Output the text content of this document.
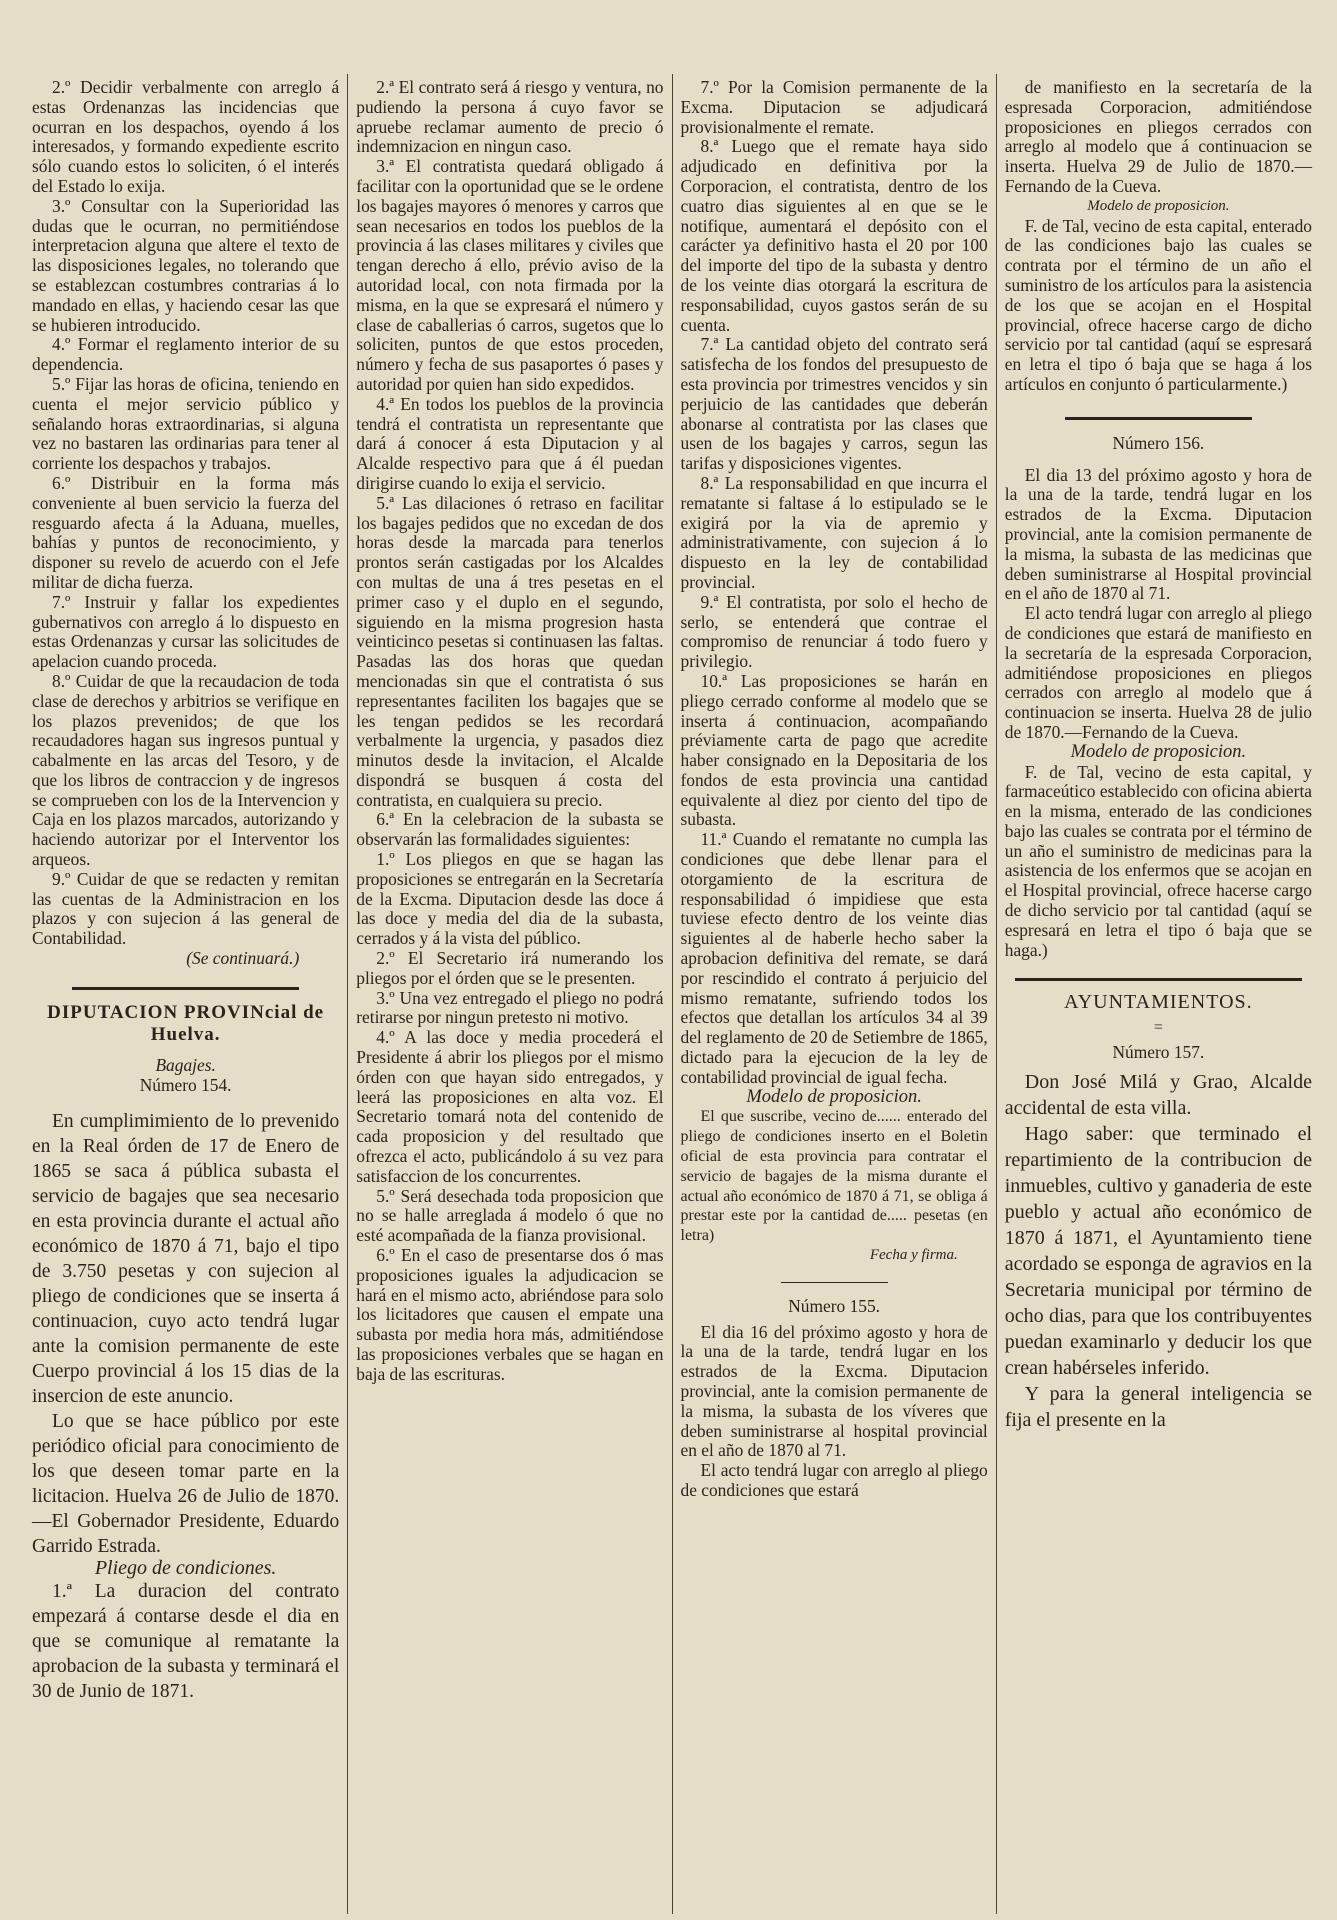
2.º Decidir verbalmente con arreglo á estas Ordenanzas las incidencias que ocurran en los despachos, oyendo á los interesados, y formando expediente escrito sólo cuando estos lo soliciten, ó el interés del Estado lo exija.

3.º Consultar con la Superioridad las dudas que le ocurran, no permitiéndose interpretacion alguna que altere el texto de las disposiciones legales, no tolerando que se establezcan costumbres contrarias á lo mandado en ellas, y haciendo cesar las que se hubieren introducido.

4.º Formar el reglamento interior de su dependencia.

5.º Fijar las horas de oficina, teniendo en cuenta el mejor servicio público y señalando horas extraordinarias, si alguna vez no bastaren las ordinarias para tener al corriente los despachos y trabajos.

6.º Distribuir en la forma más conveniente al buen servicio la fuerza del resguardo afecta á la Aduana, muelles, bahías y puntos de reconocimiento, y disponer su revelo de acuerdo con el Jefe militar de dicha fuerza.

7.º Instruir y fallar los expedientes gubernativos con arreglo á lo dispuesto en estas Ordenanzas y cursar las solicitudes de apelacion cuando proceda.

8.º Cuidar de que la recaudacion de toda clase de derechos y arbitrios se verifique en los plazos prevenidos; de que los recaudadores hagan sus ingresos puntual y cabalmente en las arcas del Tesoro, y de que los libros de contraccion y de ingresos se comprueben con los de la Intervencion y Caja en los plazos marcados, autorizando y haciendo autorizar por el Interventor los arqueos.

9.º Cuidar de que se redacten y remitan las cuentas de la Administracion en los plazos y con sujecion á las general de Contabilidad.

(Se continuará.)

DIPUTACION PROVINcial de Huelva.

Bagajes.

Número 154.

En cumplimimiento de lo prevenido en la Real órden de 17 de Enero de 1865 se saca á pública subasta el servicio de bagajes que sea necesario en esta provincia durante el actual año económico de 1870 á 71, bajo el tipo de 3.750 pesetas y con sujecion al pliego de condiciones que se inserta á continuacion, cuyo acto tendrá lugar ante la comision permanente de este Cuerpo provincial á los 15 dias de la insercion de este anuncio.

Lo que se hace público por este periódico oficial para conocimiento de los que deseen tomar parte en la licitacion. Huelva 26 de Julio de 1870.—El Gobernador Presidente, Eduardo Garrido Estrada.

Pliego de condiciones.

1.ª La duracion del contrato empezará á contarse desde el dia en que se comunique al rematante la aprobacion de la subasta y terminará el 30 de Junio de 1871.

2.ª El contrato será á riesgo y ventura, no pudiendo la persona á cuyo favor se apruebe reclamar aumento de precio ó indemnizacion en ningun caso.

3.ª El contratista quedará obligado á facilitar con la oportunidad que se le ordene los bagajes mayores ó menores y carros que sean necesarios en todos los pueblos de la provincia á las clases militares y civiles que tengan derecho á ello, prévio aviso de la autoridad local, con nota firmada por la misma, en la que se expresará el número y clase de caballerias ó carros, sugetos que lo soliciten, puntos de que estos proceden, número y fecha de sus pasaportes ó pases y autoridad por quien han sido expedidos.

4.ª En todos los pueblos de la provincia tendrá el contratista un representante que dará á conocer á esta Diputacion y al Alcalde respectivo para que á él puedan dirigirse cuando lo exija el servicio.

5.ª Las dilaciones ó retraso en facilitar los bagajes pedidos que no excedan de dos horas desde la marcada para tenerlos prontos serán castigadas por los Alcaldes con multas de una á tres pesetas en el primer caso y el duplo en el segundo, siguiendo en la misma progresion hasta veinticinco pesetas si continuasen las faltas. Pasadas las dos horas que quedan mencionadas sin que el contratista ó sus representantes faciliten los bagajes que se les tengan pedidos se les recordará verbalmente la urgencia, y pasados diez minutos desde la invitacion, el Alcalde dispondrá se busquen á costa del contratista, en cualquiera su precio.

6.ª En la celebracion de la subasta se observarán las formalidades siguientes:

1.º Los pliegos en que se hagan las proposiciones se entregarán en la Secretaría de la Excma. Diputacion desde las doce á las doce y media del dia de la subasta, cerrados y á la vista del público.

2.º El Secretario irá numerando los pliegos por el órden que se le presenten.

3.º Una vez entregado el pliego no podrá retirarse por ningun pretesto ni motivo.

4.º A las doce y media procederá el Presidente á abrir los pliegos por el mismo órden con que hayan sido entregados, y leerá las proposiciones en alta voz. El Secretario tomará nota del contenido de cada proposicion y del resultado que ofrezca el acto, publicándolo á su vez para satisfaccion de los concurrentes.

5.º Será desechada toda proposicion que no se halle arreglada á modelo ó que no esté acompañada de la fianza provisional.

6.º En el caso de presentarse dos ó mas proposiciones iguales la adjudicacion se hará en el mismo acto, abriéndose para solo los licitadores que causen el empate una subasta por media hora más, admitiéndose las proposiciones verbales que se hagan en baja de las escrituras.

7.º Por la Comision permanente de la Excma. Diputacion se adjudicará provisionalmente el remate.

8.ª Luego que el remate haya sido adjudicado en definitiva por la Corporacion, el contratista, dentro de los cuatro dias siguientes al en que se le notifique, aumentará el depósito con el carácter ya definitivo hasta el 20 por 100 del importe del tipo de la subasta y dentro de los veinte dias otorgará la escritura de responsabilidad, cuyos gastos serán de su cuenta.

7.ª La cantidad objeto del contrato será satisfecha de los fondos del presupuesto de esta provincia por trimestres vencidos y sin perjuicio de las cantidades que deberán abonarse al contratista por las clases que usen de los bagajes y carros, segun las tarifas y disposiciones vigentes.

8.ª La responsabilidad en que incurra el rematante si faltase á lo estipulado se le exigirá por la via de apremio y administrativamente, con sujecion á lo dispuesto en la ley de contabilidad provincial.

9.ª El contratista, por solo el hecho de serlo, se entenderá que contrae el compromiso de renunciar á todo fuero y privilegio.

10.ª Las proposiciones se harán en pliego cerrado conforme al modelo que se inserta á continuacion, acompañando préviamente carta de pago que acredite haber consignado en la Depositaria de los fondos de esta provincia una cantidad equivalente al diez por ciento del tipo de subasta.

11.ª Cuando el rematante no cumpla las condiciones que debe llenar para el otorgamiento de la escritura de responsabilidad ó impidiese que esta tuviese efecto dentro de los veinte dias siguientes al de haberle hecho saber la aprobacion definitiva del remate, se dará por rescindido el contrato á perjuicio del mismo rematante, sufriendo todos los efectos que detallan los artículos 34 al 39 del reglamento de 20 de Setiembre de 1865, dictado para la ejecucion de la ley de contabilidad provincial de igual fecha.

Modelo de proposicion.

El que suscribe, vecino de...... enterado del pliego de condiciones inserto en el Boletin oficial de esta provincia para contratar el servicio de bagajes de la misma durante el actual año económico de 1870 á 71, se obliga á prestar este por la cantidad de..... pesetas (en letra)

Fecha y firma.

Número 155.

El dia 16 del próximo agosto y hora de la una de la tarde, tendrá lugar en los estrados de la Excma. Diputacion provincial, ante la comision permanente de la misma, la subasta de los víveres que deben suministrarse al hospital provincial en el año de 1870 al 71.

El acto tendrá lugar con arreglo al pliego de condiciones que estará

de manifiesto en la secretaría de la espresada Corporacion, admitiéndose proposiciones en pliegos cerrados con arreglo al modelo que á continuacion se inserta. Huelva 29 de Julio de 1870.—Fernando de la Cueva.

Modelo de proposicion.

F. de Tal, vecino de esta capital, enterado de las condiciones bajo las cuales se contrata por el término de un año el suministro de los artículos para la asistencia de los que se acojan en el Hospital provincial, ofrece hacerse cargo de dicho servicio por tal cantidad (aquí se espresará en letra el tipo ó baja que se haga á los artículos en conjunto ó particularmente.)

Número 156.

El dia 13 del próximo agosto y hora de la una de la tarde, tendrá lugar en los estrados de la Excma. Diputacion provincial, ante la comision permanente de la misma, la subasta de las medicinas que deben suministrarse al Hospital provincial en el año de 1870 al 71.

El acto tendrá lugar con arreglo al pliego de condiciones que estará de manifiesto en la secretaría de la espresada Corporacion, admitiéndose proposiciones en pliegos cerrados con arreglo al modelo que á continuacion se inserta. Huelva 28 de julio de 1870.—Fernando de la Cueva.

Modelo de proposicion.

F. de Tal, vecino de esta capital, y farmaceútico establecido con oficina abierta en la misma, enterado de las condiciones bajo las cuales se contrata por el término de un año el suministro de medicinas para la asistencia de los enfermos que se acojan en el Hospital provincial, ofrece hacerse cargo de dicho servicio por tal cantidad (aquí se espresará en letra el tipo ó baja que se haga.)

AYUNTAMIENTOS.
=

Número 157.

Don José Milá y Grao, Alcalde accidental de esta villa.

Hago saber: que terminado el repartimiento de la contribucion de inmuebles, cultivo y ganaderia de este pueblo y actual año económico de 1870 á 1871, el Ayuntamiento tiene acordado se esponga de agravios en la Secretaria municipal por término de ocho dias, para que los contribuyentes puedan examinarlo y deducir los que crean habérseles inferido.

Y para la general inteligencia se fija el presente en la
